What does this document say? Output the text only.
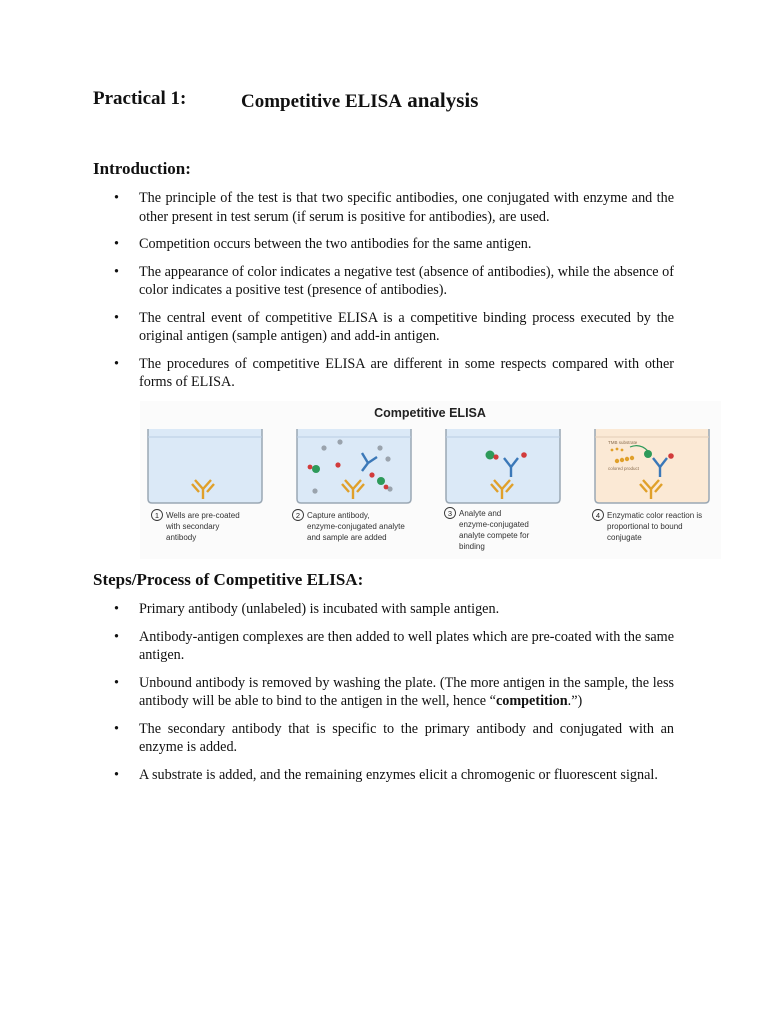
Practical 1:	Competitive ELISA analysis
Introduction:
• The principle of the test is that two specific antibodies, one conjugated with enzyme and the other present in test serum (if serum is positive for antibodies), are used.
• Competition occurs between the two antibodies for the same antigen.
• The appearance of color indicates a negative test (absence of antibodies), while the absence of color indicates a positive test (presence of antibodies).
• The central event of competitive ELISA is a competitive binding process executed by the original antigen (sample antigen) and add-in antigen.
• The procedures of competitive ELISA are different in some respects compared with other forms of ELISA.
Competitive ELISA
TMB substrate
colored product
1 Wells are pre-coated
with secondary
antibody
2 Capture antibody,
enzyme-conjugated analyte
and sample are added
3 Analyte and
enzyme-conjugated
analyte compete for
binding
4 Enzymatic color reaction is
proportional to bound
conjugate
Steps/Process of Competitive ELISA:
• Primary antibody (unlabeled) is incubated with sample antigen.
• Antibody-antigen complexes are then added to well plates which are pre-coated with the same antigen.
• Unbound antibody is removed by washing the plate. (The more antigen in the sample, the less antibody will be able to bind to the antigen in the well, hence “competition.”)
• The secondary antibody that is specific to the primary antibody and conjugated with an enzyme is added.
• A substrate is added, and the remaining enzymes elicit a chromogenic or fluorescent signal.
